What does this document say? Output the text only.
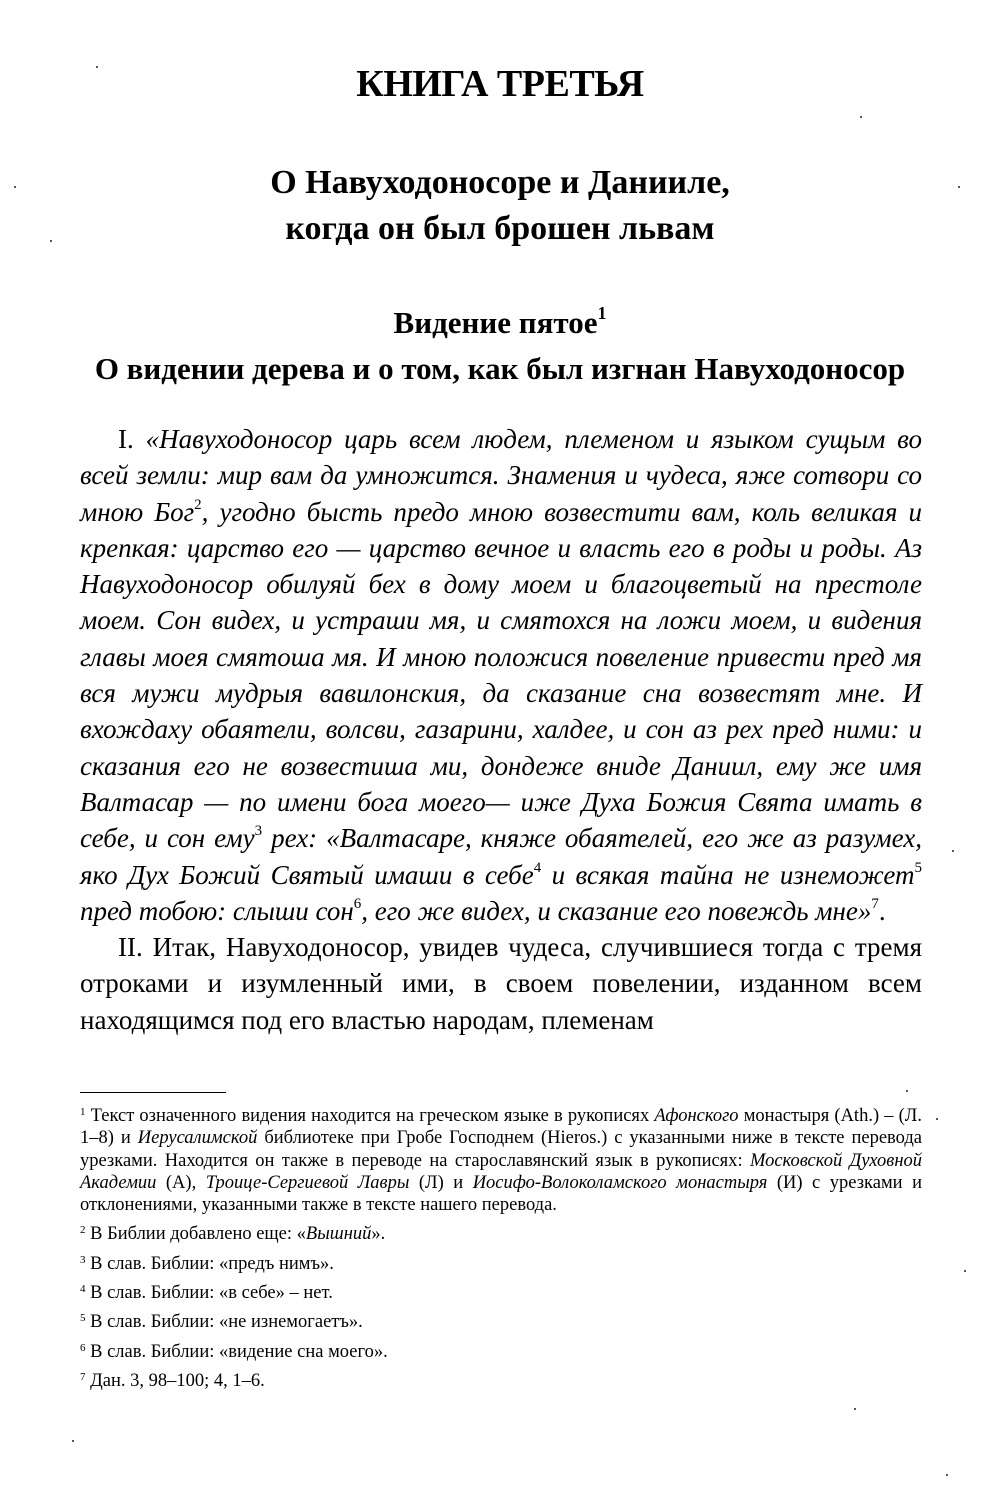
КНИГА ТРЕТЬЯ
О Навуходоносоре и Данииле,
когда он был брошен львам
Видение пятое$^1$
О видении дерева и о том, как был изгнан Навуходоносор

I. «Навуходоносор царь всем людем, племеном и языком сущым во всей земли: мир вам да умножится. Знамения и чудеса, яже сотвори со мною Бог$^2$, угодно бысть предо мною возвестити вам, коль великая и крепкая: царство его — царство вечное и власть его в роды и роды. Аз Навуходоносор обилуяй бех в дому моем и благоцветый на престоле моем. Сон видех, и устраши мя, и смятохся на ложи моем, и видения главы моея смятоша мя. И мною положися повеление привести пред мя вся мужи мудрыя вавилонския, да сказание сна возвестят мне. И вхождаху обаятели, волсви, газарини, халдее, и сон аз рех пред ними: и сказания его не возвестиша ми, дондеже вниде Даниил, ему же имя Валтасар — по имени бога моего— иже Духа Божия Свята имать в себе, и сон ему$^3$ рех: «Валтасаре, княже обаятелей, его же аз разумех, яко Дух Божий Святый имаши в себе$^4$ и всякая тайна не изнеможет$^5$ пред тобою: слыши сон$^6$, его же видех, и сказание его повеждь мне»$^7$.

II. Итак, Навуходоносор, увидев чудеса, случившиеся тогда с тремя отроками и изумленный ими, в своем повелении, изданном всем находящимся под его властью народам, племенам

$^1$ Текст означенного видения находится на греческом языке в рукописях Афонского монастыря (Ath.) – (Л. 1–8) и Иерусалимской библиотеке при Гробе Господнем (Hieros.) с указанными ниже в тексте перевода урезками. Находится он также в переводе на старославянский язык в рукописях: Московской Духовной Академии (А), Троице-Сергиевой Лавры (Л) и Иосифо-Волоколамского монастыря (И) с урезками и отклонениями, указанными также в тексте нашего перевода.

$^2$ В Библии добавлено еще: «Вышний».

$^3$ В слав. Библии: «предъ нимъ».

$^4$ В слав. Библии: «в себе» – нет.

$^5$ В слав. Библии: «не изнемогаетъ».

$^6$ В слав. Библии: «видение сна моего».

$^7$ Дан. 3, 98–100; 4, 1–6.
